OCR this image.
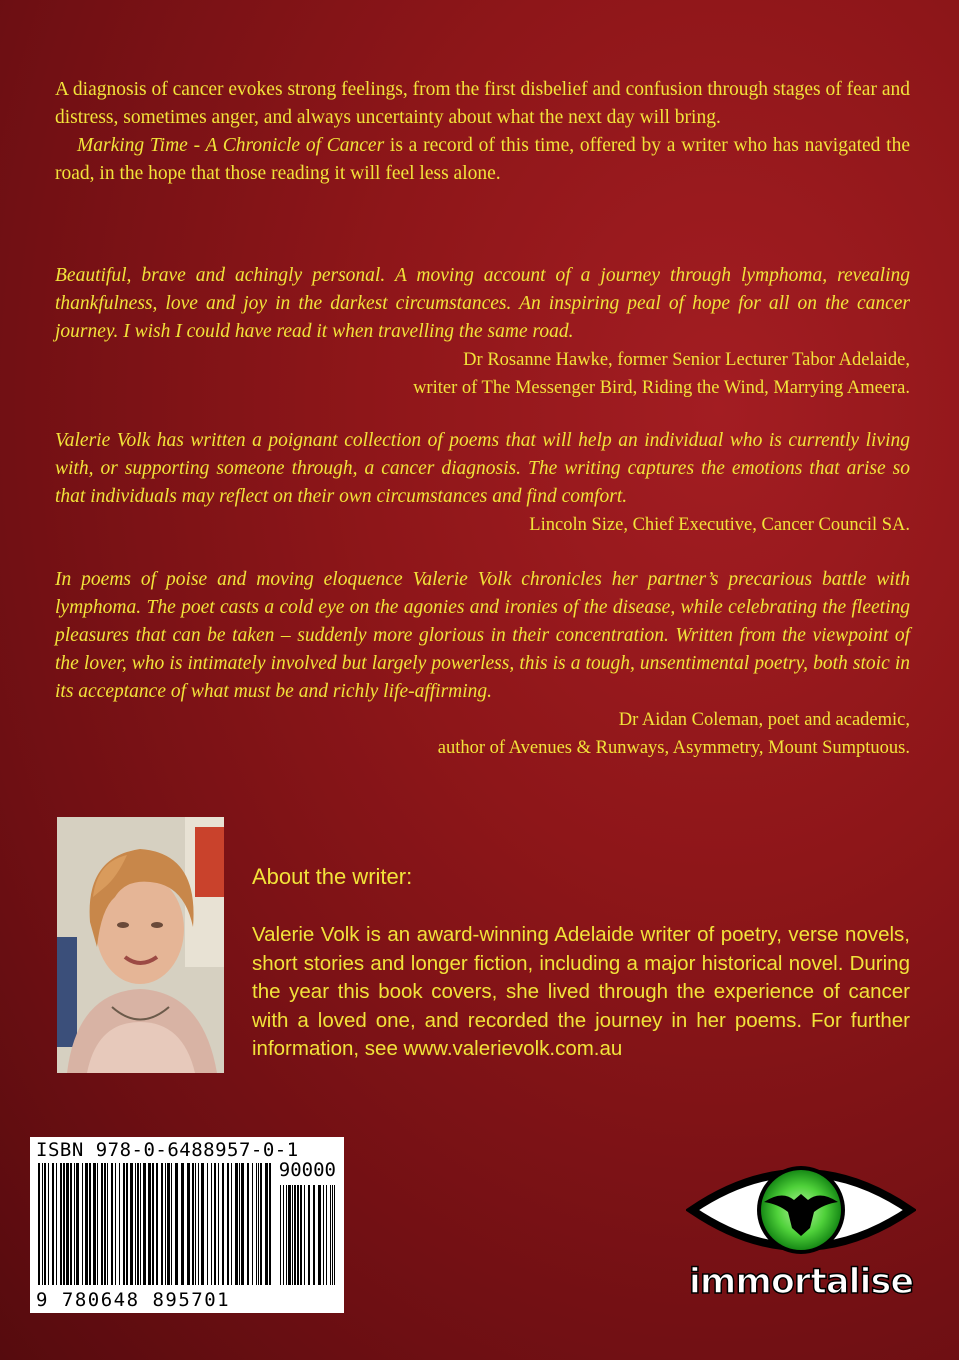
A diagnosis of cancer evokes strong feelings, from the first disbelief and confusion through stages of fear and distress, sometimes anger, and always uncertainty about what the next day will bring.

Marking Time - A Chronicle of Cancer is a record of this time, offered by a writer who has navigated the road, in the hope that those reading it will feel less alone.

Beautiful, brave and achingly personal. A moving account of a journey through lymphoma, revealing thankfulness, love and joy in the darkest circumstances. An inspiring peal of hope for all on the cancer journey. I wish I could have read it when travelling the same road.

Dr Rosanne Hawke, former Senior Lecturer Tabor Adelaide,

writer of The Messenger Bird, Riding the Wind, Marrying Ameera.

Valerie Volk has written a poignant collection of poems that will help an individual who is currently living with, or supporting someone through, a cancer diagnosis. The writing captures the emotions that arise so that individuals may reflect on their own circumstances and find comfort.

Lincoln Size, Chief Executive, Cancer Council SA.

In poems of poise and moving eloquence Valerie Volk chronicles her partner’s precarious battle with lymphoma. The poet casts a cold eye on the agonies and ironies of the disease, while celebrating the fleeting pleasures that can be taken – suddenly more glorious in their concentration. Written from the viewpoint of the lover, who is intimately involved but largely powerless, this is a tough, unsentimental poetry, both stoic in its acceptance of what must be and richly life-affirming.

Dr Aidan Coleman, poet and academic,

author of Avenues & Runways, Asymmetry, Mount Sumptuous.

About the writer:

Valerie Volk is an award-winning Adelaide writer of poetry, verse novels, short stories and longer fiction, including a major historical novel. During the year this book covers, she lived through the experience of cancer with a loved one, and recorded the journey in her poems. For further information, see www.valerievolk.com.au

ISBN 978-0-6488957-0-1

90000

9 780648 895701	immortalise
